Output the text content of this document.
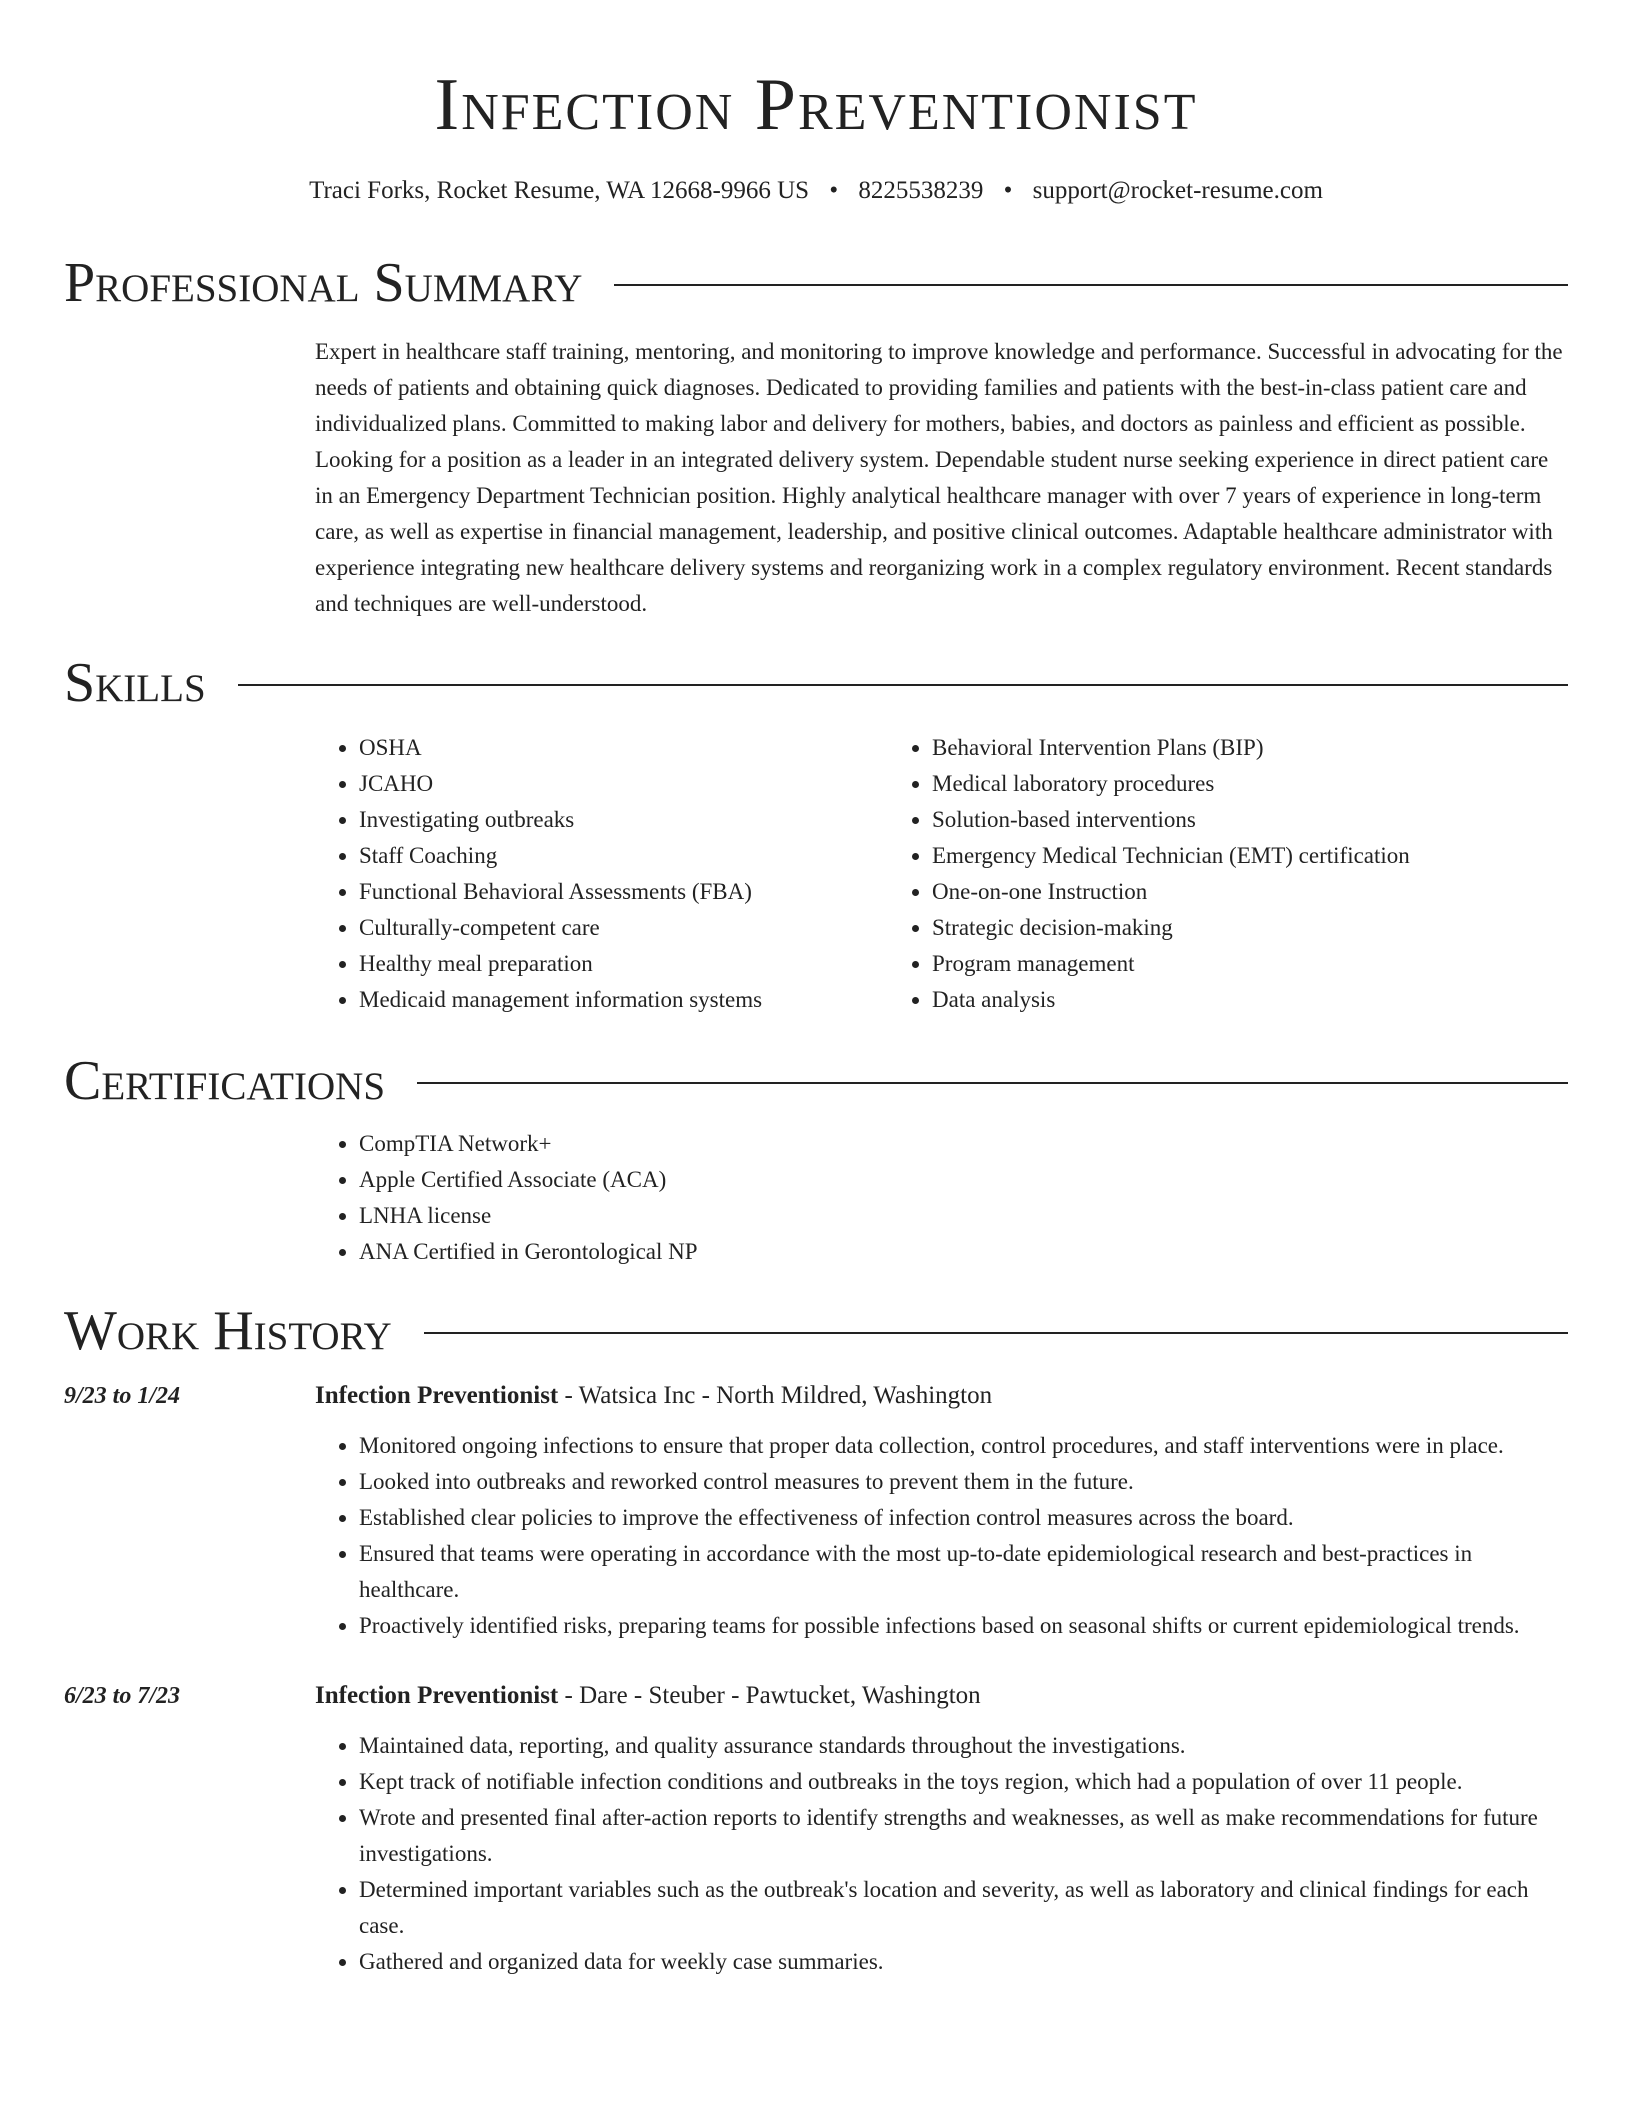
Infection Preventionist
Traci Forks, Rocket Resume, WA 12668-9966 US • 8225538239 • support@rocket-resume.com
Professional Summary
Expert in healthcare staff training, mentoring, and monitoring to improve knowledge and performance. Successful in advocating for the needs of patients and obtaining quick diagnoses. Dedicated to providing families and patients with the best-in-class patient care and individualized plans. Committed to making labor and delivery for mothers, babies, and doctors as painless and efficient as possible. Looking for a position as a leader in an integrated delivery system. Dependable student nurse seeking experience in direct patient care in an Emergency Department Technician position. Highly analytical healthcare manager with over 7 years of experience in long-term care, as well as expertise in financial management, leadership, and positive clinical outcomes. Adaptable healthcare administrator with experience integrating new healthcare delivery systems and reorganizing work in a complex regulatory environment. Recent standards and techniques are well-understood.
Skills
• OSHA
• JCAHO
• Investigating outbreaks
• Staff Coaching
• Functional Behavioral Assessments (FBA)
• Culturally-competent care
• Healthy meal preparation
• Medicaid management information systems
• Behavioral Intervention Plans (BIP)
• Medical laboratory procedures
• Solution-based interventions
• Emergency Medical Technician (EMT) certification
• One-on-one Instruction
• Strategic decision-making
• Program management
• Data analysis
Certifications
• CompTIA Network+
• Apple Certified Associate (ACA)
• LNHA license
• ANA Certified in Gerontological NP
Work History
9/23 to 1/24	Infection Preventionist - Watsica Inc - North Mildred, Washington
• Monitored ongoing infections to ensure that proper data collection, control procedures, and staff interventions were in place.
• Looked into outbreaks and reworked control measures to prevent them in the future.
• Established clear policies to improve the effectiveness of infection control measures across the board.
• Ensured that teams were operating in accordance with the most up-to-date epidemiological research and best-practices in healthcare.
• Proactively identified risks, preparing teams for possible infections based on seasonal shifts or current epidemiological trends.
6/23 to 7/23	Infection Preventionist - Dare - Steuber - Pawtucket, Washington
• Maintained data, reporting, and quality assurance standards throughout the investigations.
• Kept track of notifiable infection conditions and outbreaks in the toys region, which had a population of over 11 people.
• Wrote and presented final after-action reports to identify strengths and weaknesses, as well as make recommendations for future investigations.
• Determined important variables such as the outbreak's location and severity, as well as laboratory and clinical findings for each case.
• Gathered and organized data for weekly case summaries.
